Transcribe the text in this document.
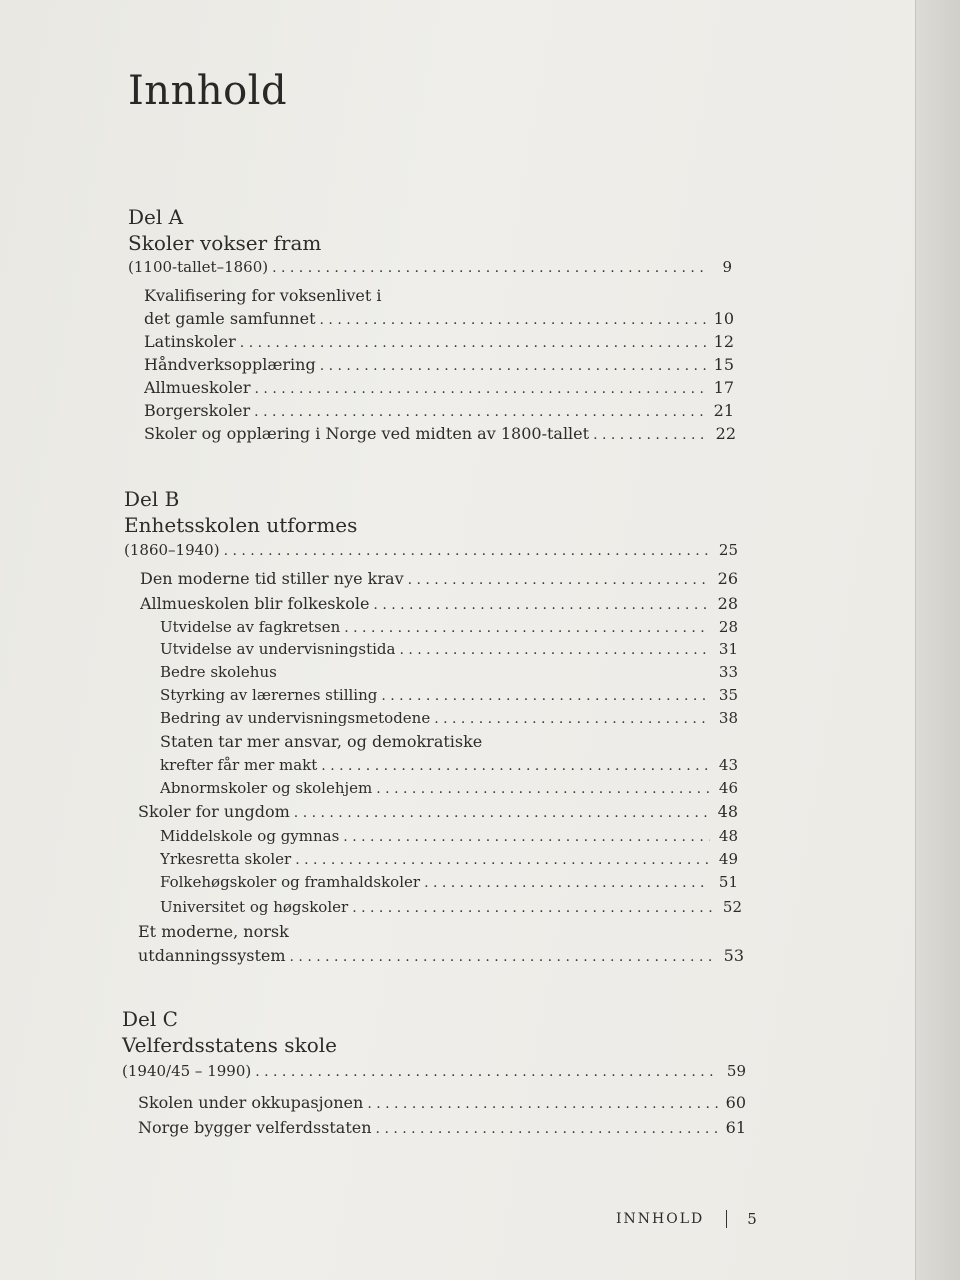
Innhold

Del A

Skoler vokser fram

(1100-tallet–1860) . . .	9
Kvalifisering for voksenlivet i
det gamle samfunnet . . .	10
Latinskoler . . .	12
Håndverksopplæring . . .	15
Allmueskoler . . .	17
Borgerskoler . . .	21
Skoler og opplæring i Norge ved midten av 1800-tallet . . .	22

Del B

Enhetsskolen utformes

(1860–1940) . . .	25
Den moderne tid stiller nye krav . . .	26
Allmueskolen blir folkeskole . . .	28
Utvidelse av fagkretsen . . .	28
Utvidelse av undervisningstida . . .	31
Bedre skolehus	33
Styrking av lærernes stilling . . .	35
Bedring av undervisningsmetodene . . .	38
Staten tar mer ansvar, og demokratiske
krefter får mer makt . . .	43
Abnormskoler og skolehjem . . .	46
Skoler for ungdom . . .	48
Middelskole og gymnas . . .	48
Yrkesretta skoler . . .	49
Folkehøgskoler og framhaldskoler . . .	51
Universitet og høgskoler . . .	52
Et moderne, norsk
utdanningssystem . . .	53

Del C

Velferdsstatens skole

(1940/45 – 1990) . . .	59
Skolen under okkupasjonen . . .	60
Norge bygger velferdsstaten . . .	61
INNHOLD	5
